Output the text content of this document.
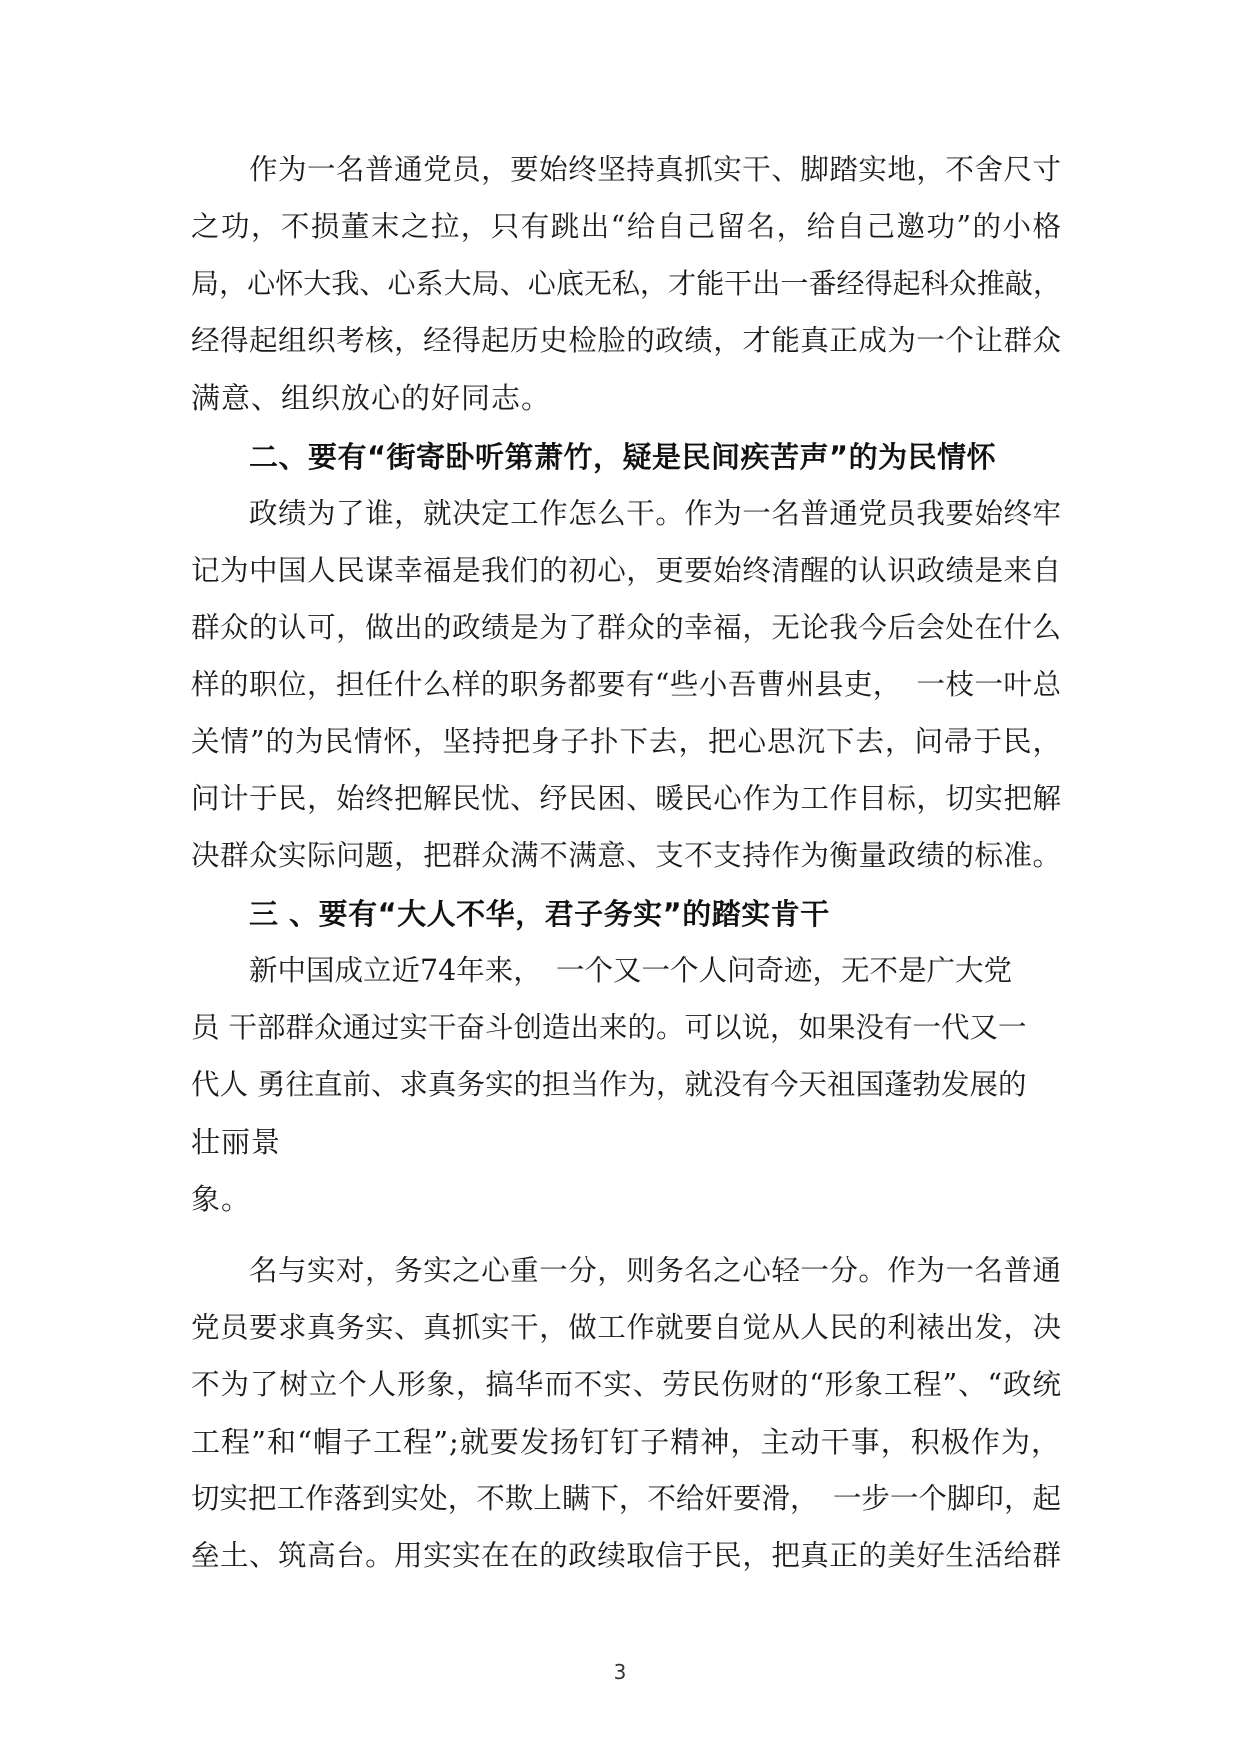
作为一名普通党员，要始终坚持真抓实干、脚踏实地，不舍尺寸
之功，不损董末之拉，只有跳出“给自己留名，给自己邀功”的小格
局，心怀大我、心系大局、心底无私，才能干出一番经得起科众推敲，
经得起组织考核，经得起历史检脸的政绩，才能真正成为一个让群众
满意、组织放心的好同志。
二、要有“街寄卧听第萧竹，疑是民间疾苦声”的为民情怀
政绩为了谁，就决定工作怎么干。作为一名普通党员我要始终牢
记为中国人民谋幸福是我们的初心，更要始终清醒的认识政绩是来自
群众的认可，做出的政绩是为了群众的幸福，无论我今后会处在什么
样的职位，担任什么样的职务都要有“些小吾曹州县吏，　一枝一叶总
关情”的为民情怀，坚持把身子扑下去，把心思沉下去，问帚于民，
问计于民，始终把解民忧、纾民困、暖民心作为工作目标，切实把解
决群众实际问题，把群众满不满意、支不支持作为衡量政绩的标准。
三 、要有“大人不华，君子务实”的踏实肯干
新中国成立近74年来，　一个又一个人问奇迹，无不是广大党
员 干部群众通过实干奋斗创造出来的。可以说，如果没有一代又一
代人 勇往直前、求真务实的担当作为，就没有今天祖国蓬勃发展的
壮丽景
象。
名与实对，务实之心重一分，则务名之心轻一分。作为一名普通
党员要求真务实、真抓实干，做工作就要自觉从人民的利裱出发，决
不为了树立个人形象，搞华而不实、劳民伤财的“形象工程”、“政统
工程”和“帽子工程”;就要发扬钉钉子精神，主动干事，积极作为，
切实把工作落到实处，不欺上瞒下，不给奸要滑，　一步一个脚印，起
垒土、筑高台。用实实在在的政续取信于民，把真正的美好生活给群
3
